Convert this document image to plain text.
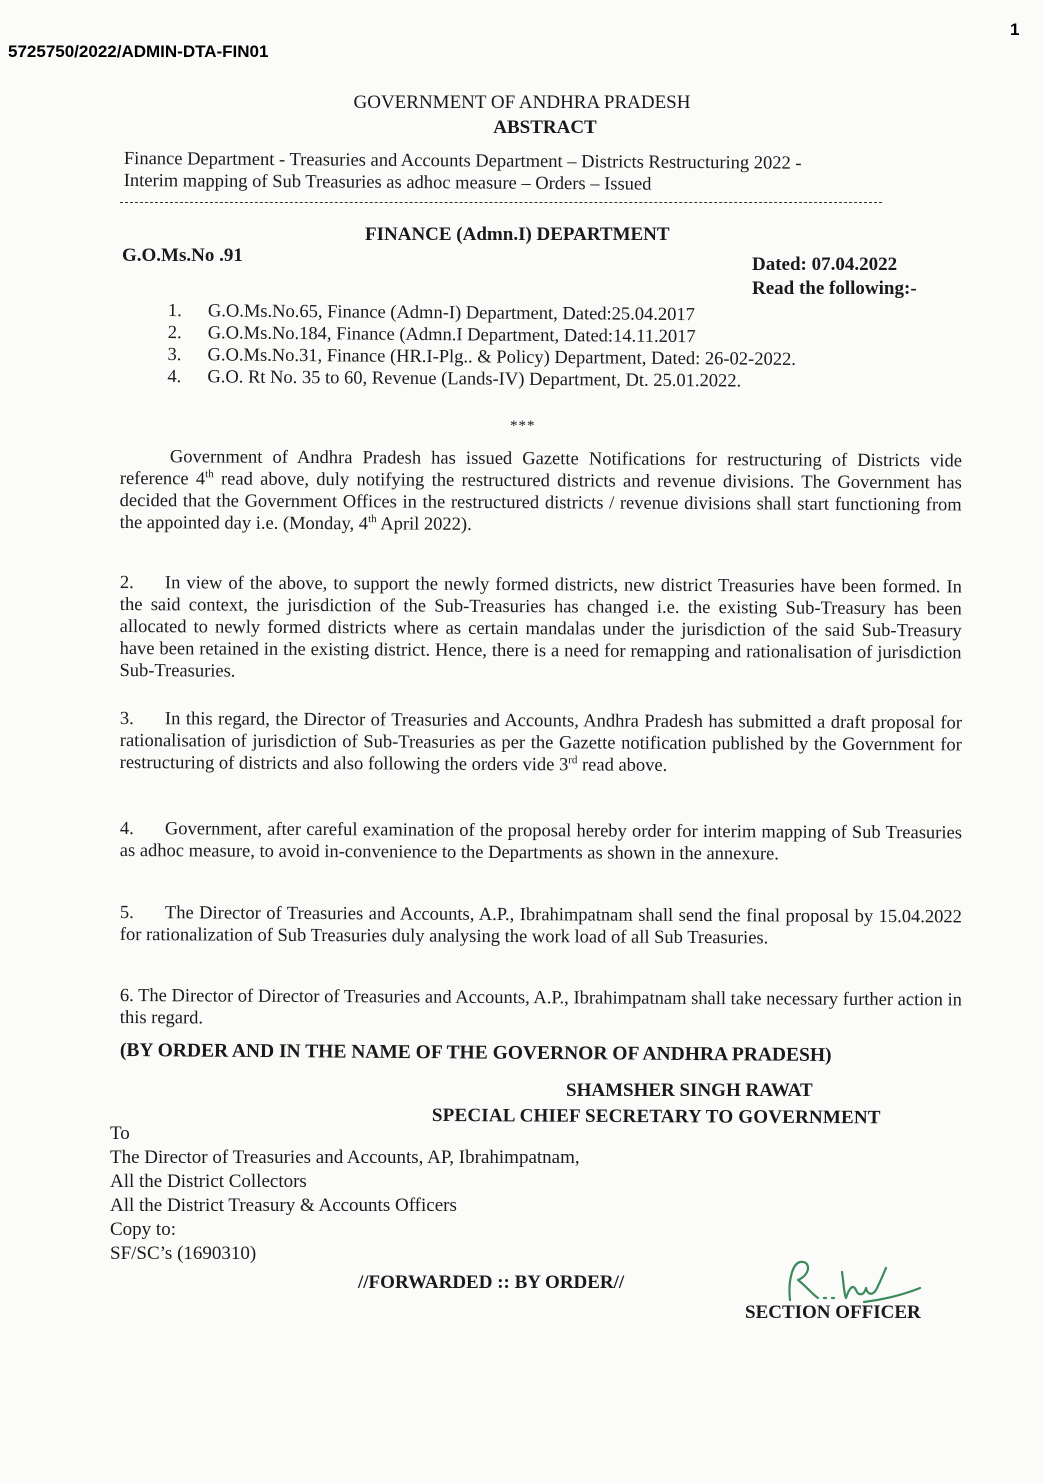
5725750/2022/ADMIN-DTA-FIN01
1
GOVERNMENT OF ANDHRA PRADESH
ABSTRACT
Finance Department - Treasuries and Accounts Department – Districts Restructuring 2022 -
Interim mapping of Sub Treasuries as adhoc measure – Orders – Issued
FINANCE (Admn.I) DEPARTMENT
G.O.Ms.No .91	Dated: 07.04.2022
Read the following:-
1. G.O.Ms.No.65, Finance (Admn-I) Department, Dated:25.04.2017
2. G.O.Ms.No.184, Finance (Admn.I Department, Dated:14.11.2017
3. G.O.Ms.No.31, Finance (HR.I-Plg.. & Policy) Department, Dated: 26-02-2022.
4. G.O. Rt No. 35 to 60, Revenue (Lands-IV) Department, Dt. 25.01.2022.
***

Government of Andhra Pradesh has issued Gazette Notifications for restructuring of Districts vide reference 4th read above, duly notifying the restructured districts and revenue divisions. The Government has decided that the Government Offices in the restructured districts / revenue divisions shall start functioning from the appointed day i.e. (Monday, 4th April 2022).

2. In view of the above, to support the newly formed districts, new district Treasuries have been formed. In the said context, the jurisdiction of the Sub-Treasuries has changed i.e. the existing Sub-Treasury has been allocated to newly formed districts where as certain mandalas under the jurisdiction of the said Sub-Treasury have been retained in the existing district. Hence, there is a need for remapping and rationalisation of jurisdiction Sub-Treasuries.

3. In this regard, the Director of Treasuries and Accounts, Andhra Pradesh has submitted a draft proposal for rationalisation of jurisdiction of Sub-Treasuries as per the Gazette notification published by the Government for restructuring of districts and also following the orders vide 3rd read above.

4. Government, after careful examination of the proposal hereby order for interim mapping of Sub Treasuries as adhoc measure, to avoid in-convenience to the Departments as shown in the annexure.

5. The Director of Treasuries and Accounts, A.P., Ibrahimpatnam shall send the final proposal by 15.04.2022 for rationalization of Sub Treasuries duly analysing the work load of all Sub Treasuries.

6. The Director of Director of Treasuries and Accounts, A.P., Ibrahimpatnam shall take necessary further action in this regard.

(BY ORDER AND IN THE NAME OF THE GOVERNOR OF ANDHRA PRADESH)
SHAMSHER SINGH RAWAT
SPECIAL CHIEF SECRETARY TO GOVERNMENT
To
The Director of Treasuries and Accounts, AP, Ibrahimpatnam,
All the District Collectors
All the District Treasury & Accounts Officers
Copy to:
SF/SC’s (1690310)
//FORWARDED :: BY ORDER//
SECTION OFFICER
